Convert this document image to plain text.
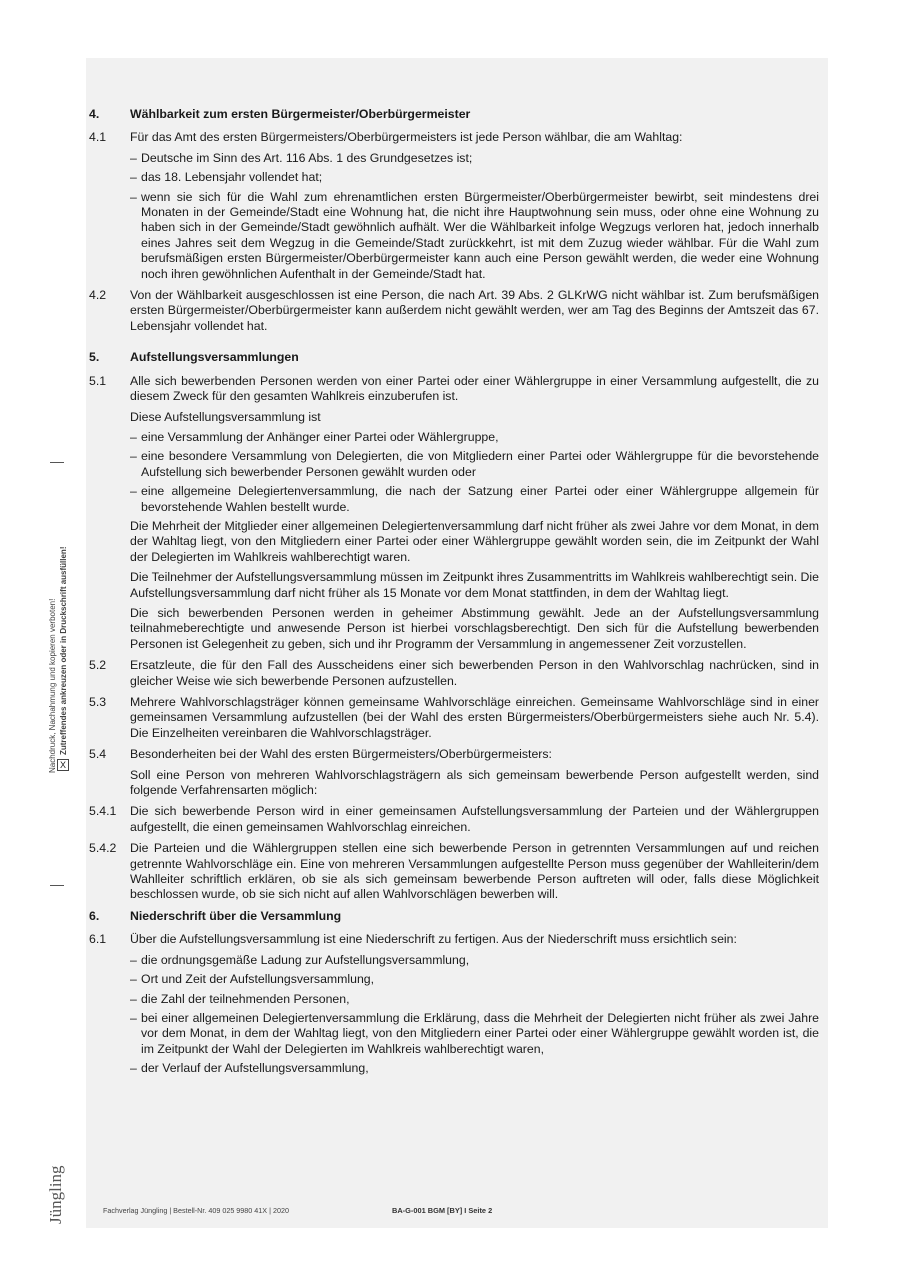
Nachdruck, Nachahmung und kopieren verboten! Zutreffendes ankreuzen oder in Druckschrift ausfüllen!
X
4. Wählbarkeit zum ersten Bürgermeister/Oberbürgermeister
4.1 Für das Amt des ersten Bürgermeisters/Oberbürgermeisters ist jede Person wählbar, die am Wahltag:

– Deutsche im Sinn des Art. 116 Abs. 1 des Grundgesetzes ist;

– das 18. Lebensjahr vollendet hat;

– wenn sie sich für die Wahl zum ehrenamtlichen ersten Bürgermeister/Oberbürgermeister bewirbt, seit mindestens drei Monaten in der Gemeinde/Stadt eine Wohnung hat, die nicht ihre Hauptwohnung sein muss, oder ohne eine Wohnung zu haben sich in der Gemeinde/Stadt gewöhnlich aufhält. Wer die Wählbarkeit infolge Wegzugs verloren hat, jedoch innerhalb eines Jahres seit dem Wegzug in die Gemeinde/Stadt zurückkehrt, ist mit dem Zuzug wieder wählbar. Für die Wahl zum berufsmäßigen ersten Bürgermeister/Oberbürgermeister kann auch eine Person gewählt werden, die weder eine Wohnung noch ihren gewöhnlichen Aufenthalt in der Gemeinde/Stadt hat.

4.2 Von der Wählbarkeit ausgeschlossen ist eine Person, die nach Art. 39 Abs. 2 GLKrWG nicht wählbar ist. Zum berufsmäßigen ersten Bürgermeister/Oberbürgermeister kann außerdem nicht gewählt werden, wer am Tag des Beginns der Amtszeit das 67. Lebensjahr vollendet hat.

5. Aufstellungsversammlungen
5.1 Alle sich bewerbenden Personen werden von einer Partei oder einer Wählergruppe in einer Versammlung aufgestellt, die zu diesem Zweck für den gesamten Wahlkreis einzuberufen ist.

Diese Aufstellungsversammlung ist

– eine Versammlung der Anhänger einer Partei oder Wählergruppe,

– eine besondere Versammlung von Delegierten, die von Mitgliedern einer Partei oder Wählergruppe für die bevorstehende Aufstellung sich bewerbender Personen gewählt wurden oder

– eine allgemeine Delegiertenversammlung, die nach der Satzung einer Partei oder einer Wählergruppe allgemein für bevorstehende Wahlen bestellt wurde.

Die Mehrheit der Mitglieder einer allgemeinen Delegiertenversammlung darf nicht früher als zwei Jahre vor dem Monat, in dem der Wahltag liegt, von den Mitgliedern einer Partei oder einer Wählergruppe gewählt worden sein, die im Zeitpunkt der Wahl der Delegierten im Wahlkreis wahlberechtigt waren.

Die Teilnehmer der Aufstellungsversammlung müssen im Zeitpunkt ihres Zusammentritts im Wahlkreis wahlberechtigt sein. Die Aufstellungsversammlung darf nicht früher als 15 Monate vor dem Monat stattfinden, in dem der Wahltag liegt.

Die sich bewerbenden Personen werden in geheimer Abstimmung gewählt. Jede an der Aufstellungsversammlung teilnahmeberechtigte und anwesende Person ist hierbei vorschlagsberechtigt. Den sich für die Aufstellung bewerbenden Personen ist Gelegenheit zu geben, sich und ihr Programm der Versammlung in angemessener Zeit vorzustellen.

5.2 Ersatzleute, die für den Fall des Ausscheidens einer sich bewerbenden Person in den Wahlvorschlag nachrücken, sind in gleicher Weise wie sich bewerbende Personen aufzustellen.

5.3 Mehrere Wahlvorschlagsträger können gemeinsame Wahlvorschläge einreichen. Gemeinsame Wahlvorschläge sind in einer gemeinsamen Versammlung aufzustellen (bei der Wahl des ersten Bürgermeisters/Oberbürgermeisters siehe auch Nr. 5.4). Die Einzelheiten vereinbaren die Wahlvorschlagsträger.

5.4 Besonderheiten bei der Wahl des ersten Bürgermeisters/Oberbürgermeisters:

Soll eine Person von mehreren Wahlvorschlagsträgern als sich gemeinsam bewerbende Person aufgestellt werden, sind folgende Verfahrensarten möglich:

5.4.1 Die sich bewerbende Person wird in einer gemeinsamen Aufstellungsversammlung der Parteien und der Wählergruppen aufgestellt, die einen gemeinsamen Wahlvorschlag einreichen.

5.4.2 Die Parteien und die Wählergruppen stellen eine sich bewerbende Person in getrennten Versammlungen auf und reichen getrennte Wahlvorschläge ein. Eine von mehreren Versammlungen aufgestellte Person muss gegenüber der Wahlleiterin/dem Wahlleiter schriftlich erklären, ob sie als sich gemeinsam bewerbende Person auftreten will oder, falls diese Möglichkeit beschlossen wurde, ob sie sich nicht auf allen Wahlvorschlägen bewerben will.

6. Niederschrift über die Versammlung
6.1 Über die Aufstellungsversammlung ist eine Niederschrift zu fertigen. Aus der Niederschrift muss ersichtlich sein:

– die ordnungsgemäße Ladung zur Aufstellungsversammlung,

– Ort und Zeit der Aufstellungsversammlung,

– die Zahl der teilnehmenden Personen,

– bei einer allgemeinen Delegiertenversammlung die Erklärung, dass die Mehrheit der Delegierten nicht früher als zwei Jahre vor dem Monat, in dem der Wahltag liegt, von den Mitgliedern einer Partei oder einer Wählergruppe gewählt worden ist, die im Zeitpunkt der Wahl der Delegierten im Wahlkreis wahlberechtigt waren,

– der Verlauf der Aufstellungsversammlung,

Jüngling	Fachverlag Jüngling | Bestell-Nr. 409 025 9980 41X | 2020	BA-G-001 BGM [BY] I Seite 2
